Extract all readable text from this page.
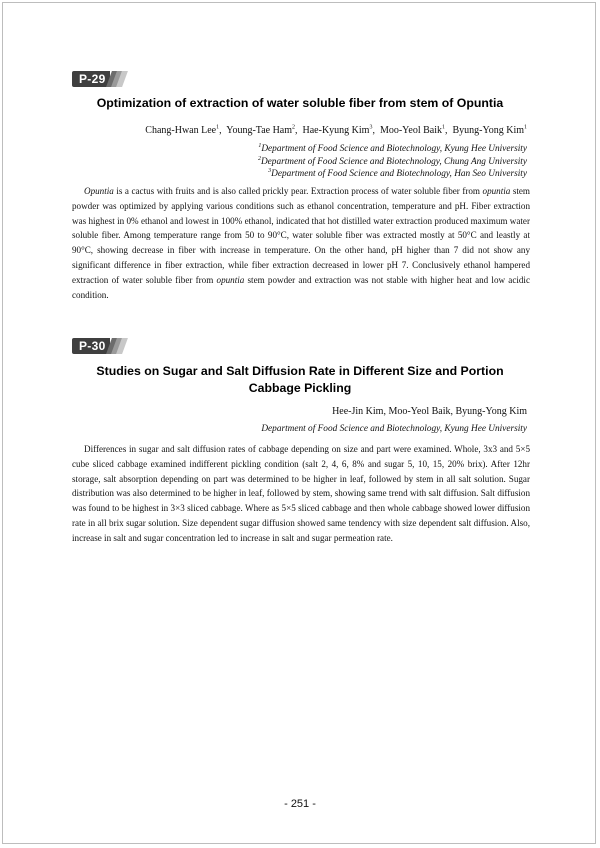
P-29
Optimization of extraction of water soluble fiber from stem of Opuntia
Chang-Hwan Lee$^1$,  Young-Tae Ham$^2$,  Hae-Kyung Kim$^3$,  Moo-Yeol Baik$^1$,  Byung-Yong Kim$^1$
$^1$Department of Food Science and Biotechnology, Kyung Hee University
$^2$Department of Food Science and Biotechnology, Chung Ang University
$^3$Department of Food Science and Biotechnology, Han Seo University

Opuntia is a cactus with fruits and is also called prickly pear. Extraction process of water soluble fiber from opuntia stem powder was optimized by applying various conditions such as ethanol concentration, temperature and pH. Fiber extraction was highest in 0% ethanol and lowest in 100% ethanol, indicated that hot distilled water extraction produced maximum water soluble fiber. Among temperature range from 50 to 90°C, water soluble fiber was extracted mostly at 50°C and leastly at 90°C, showing decrease in fiber with increase in temperature. On the other hand, pH higher than 7 did not show any significant difference in fiber extraction, while fiber extraction decreased in lower pH 7. Conclusively ethanol hampered extraction of water soluble fiber from opuntia stem powder and extraction was not stable with higher heat and low acidic condition.

P-30
Studies on Sugar and Salt Diffusion Rate in Different Size and Portion Cabbage Pickling
Hee-Jin Kim, Moo-Yeol Baik, Byung-Yong Kim
Department of Food Science and Biotechnology, Kyung Hee University

Differences in sugar and salt diffusion rates of cabbage depending on size and part were examined. Whole, 3x3 and 5×5 cube sliced cabbage examined indifferent pickling condition (salt 2, 4, 6, 8% and sugar 5, 10, 15, 20% brix). After 12hr storage, salt absorption depending on part was determined to be higher in leaf, followed by stem in all salt solution. Sugar distribution was also determined to be higher in leaf, followed by stem, showing same trend with salt diffusion. Salt diffusion was found to be highest in 3×3 sliced cabbage. Where as 5×5 sliced cabbage and then whole cabbage showed lower diffusion rate in all brix sugar solution. Size dependent sugar diffusion showed same tendency with size dependent salt diffusion. Also, increase in salt and sugar concentration led to increase in salt and sugar permeation rate.

- 251 -
